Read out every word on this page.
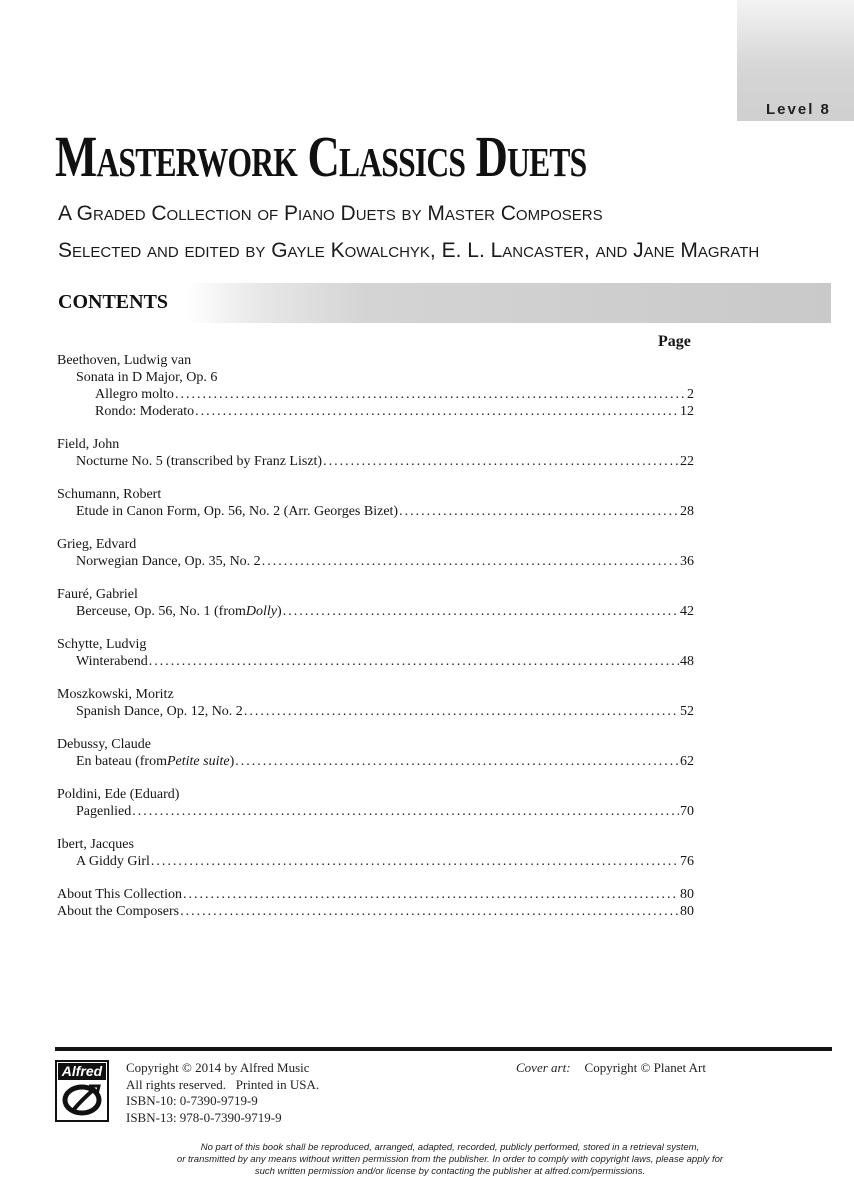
Level 8
Masterwork Classics Duets
A Graded Collection of Piano Duets by Master Composers
Selected and edited by Gayle Kowalchyk, E. L. Lancaster, and Jane Magrath
CONTENTS
Page
Beethoven, Ludwig van
Sonata in D Major, Op. 6
Allegro molto .....	2
Rondo: Moderato .....	12
Field, John
Nocturne No. 5 (transcribed by Franz Liszt) .....	22
Schumann, Robert
Etude in Canon Form, Op. 56, No. 2 (Arr. Georges Bizet) .....	28
Grieg, Edvard
Norwegian Dance, Op. 35, No. 2 .....	36
Fauré, Gabriel
Berceuse, Op. 56, No. 1 (from Dolly ) .....	42
Schytte, Ludvig
Winterabend .....	48
Moszkowski, Moritz
Spanish Dance, Op. 12, No. 2 .....	52
Debussy, Claude
En bateau (from Petite suite ) .....	62
Poldini, Ede (Eduard)
Pagenlied .....	70
Ibert, Jacques
A Giddy Girl .....	76
About This Collection .....	80
About the Composers .....	80
Alfred Copyright © 2014 by Alfred Music
All rights reserved.   Printed in USA.
ISBN-10: 0-7390-9719-9
ISBN-13: 978-0-7390-9719-9
Cover art: Copyright © Planet Art
No part of this book shall be reproduced, arranged, adapted, recorded, publicly performed, stored in a retrieval system,
or transmitted by any means without written permission from the publisher. In order to comply with copyright laws, please apply for
such written permission and/or license by contacting the publisher at alfred.com/permissions.
